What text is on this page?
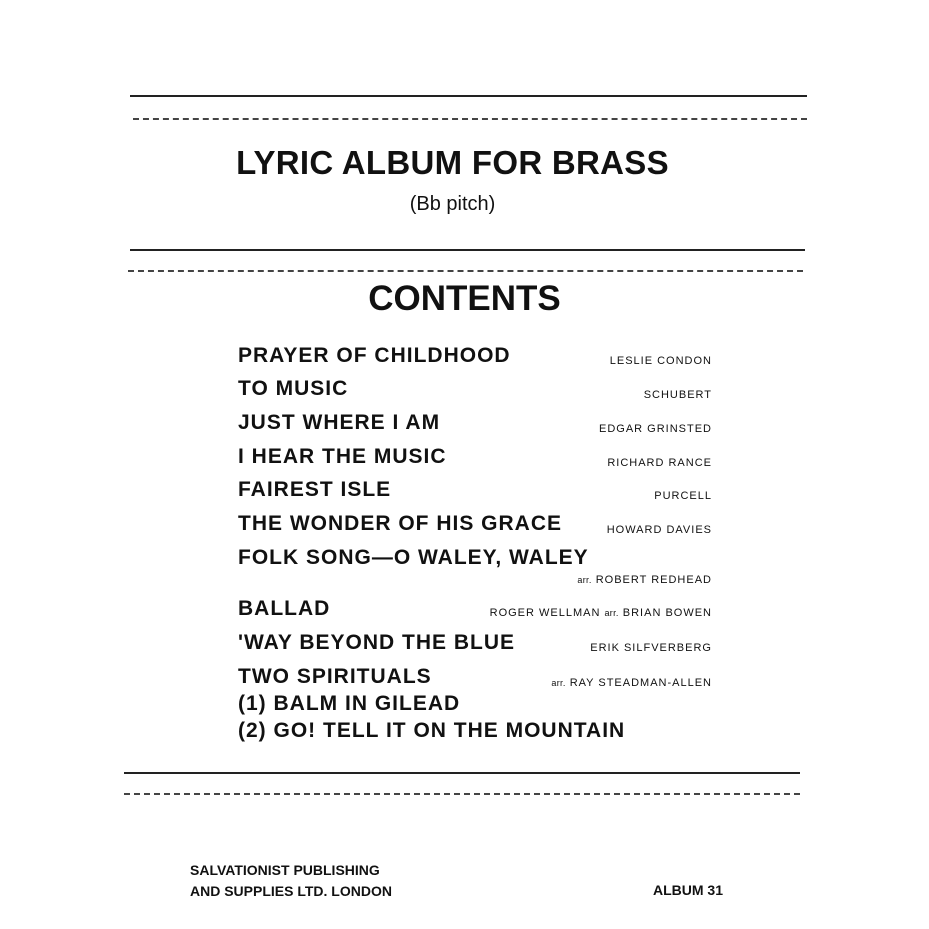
LYRIC ALBUM FOR BRASS
(Bb pitch)
CONTENTS
PRAYER OF CHILDHOOD	LESLIE CONDON
TO MUSIC	SCHUBERT
JUST WHERE I AM	EDGAR GRINSTED
I HEAR THE MUSIC	RICHARD RANCE
FAIREST ISLE	PURCELL
THE WONDER OF HIS GRACE	HOWARD DAVIES
FOLK SONG—O WALEY, WALEY
arr. ROBERT REDHEAD
BALLAD	ROGER WELLMAN arr. BRIAN BOWEN
'WAY BEYOND THE BLUE	ERIK SILFVERBERG
TWO SPIRITUALS	arr. RAY STEADMAN-ALLEN
(1) BALM IN GILEAD
(2) GO! TELL IT ON THE MOUNTAIN
SALVATIONIST PUBLISHING
AND SUPPLIES LTD. LONDON	ALBUM 31
